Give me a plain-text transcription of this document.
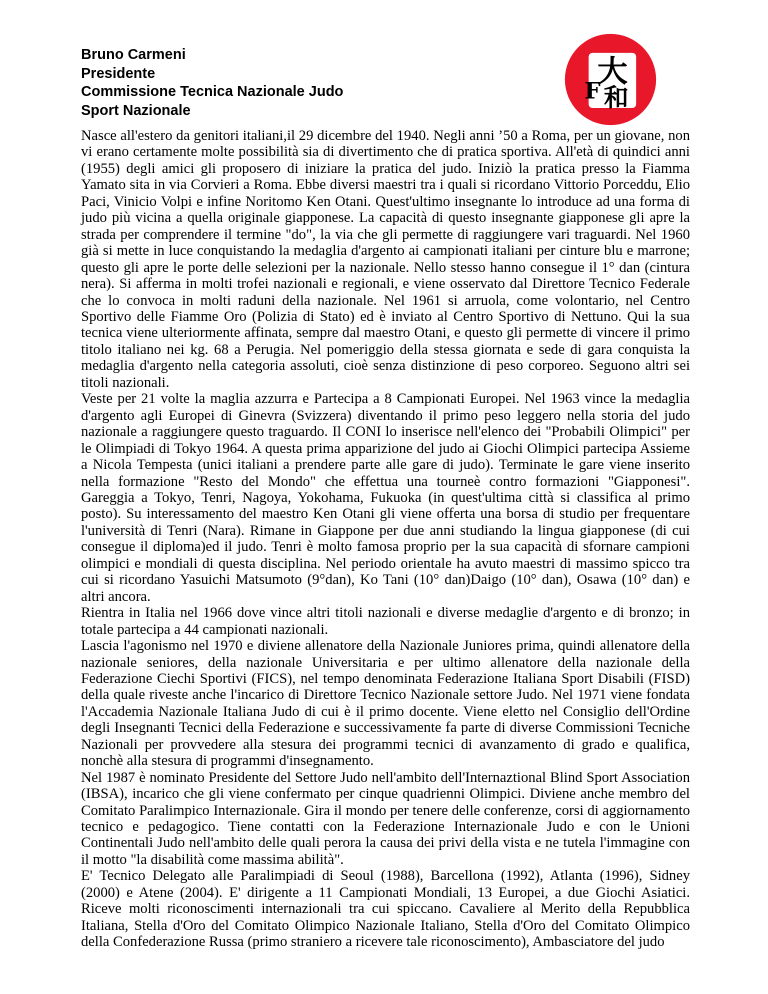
Bruno Carmeni
Presidente
Commissione Tecnica Nazionale Judo
Sport Nazionale
大
和
F

Nasce all'estero da genitori italiani,il 29 dicembre del 1940. Negli anni ’50 a Roma, per un giovane, non vi erano certamente molte possibilità sia di divertimento che di pratica sportiva. All'età di quindici anni (1955) degli amici gli proposero di iniziare la pratica del judo. Iniziò la pratica presso la Fiamma Yamato sita in via Corvieri a Roma. Ebbe diversi maestri tra i quali si ricordano Vittorio Porceddu, Elio Paci, Vinicio Volpi e infine Noritomo Ken Otani. Quest'ultimo insegnante lo introduce ad una forma di judo più vicina a quella originale giapponese. La capacità di questo insegnante giapponese gli apre la strada per comprendere il termine "do", la via che gli permette di raggiungere vari traguardi. Nel 1960 già si mette in luce conquistando la medaglia d'argento ai campionati italiani per cinture blu e marrone; questo gli apre le porte delle selezioni per la nazionale. Nello stesso hanno consegue il 1° dan (cintura nera). Si afferma in molti trofei nazionali e regionali, e viene osservato dal Direttore Tecnico Federale che lo convoca in molti raduni della nazionale. Nel 1961 si arruola, come volontario, nel Centro Sportivo delle Fiamme Oro (Polizia di Stato) ed è inviato al Centro Sportivo di Nettuno. Qui la sua tecnica viene ulteriormente affinata, sempre dal maestro Otani, e questo gli permette di vincere il primo titolo italiano nei kg. 68 a Perugia. Nel pomeriggio della stessa giornata e sede di gara conquista la medaglia d'argento nella categoria assoluti, cioè senza distinzione di peso corporeo. Seguono altri sei titoli nazionali.

Veste per 21 volte la maglia azzurra e Partecipa a 8 Campionati Europei. Nel 1963 vince la medaglia d'argento agli Europei di Ginevra (Svizzera) diventando il primo peso leggero nella storia del judo nazionale a raggiungere questo traguardo. Il CONI lo inserisce nell'elenco dei "Probabili Olimpici" per le Olimpiadi di Tokyo 1964. A questa prima apparizione del judo ai Giochi Olimpici partecipa Assieme a Nicola Tempesta (unici italiani a prendere parte alle gare di judo). Terminate le gare viene inserito nella formazione "Resto del Mondo" che effettua una tourneè contro formazioni "Giapponesi". Gareggia a Tokyo, Tenri, Nagoya, Yokohama, Fukuoka (in quest'ultima città si classifica al primo posto). Su interessamento del maestro Ken Otani gli viene offerta una borsa di studio per frequentare l'università di Tenri (Nara). Rimane in Giappone per due anni studiando la lingua giapponese (di cui consegue il diploma)ed il judo. Tenri è molto famosa proprio per la sua capacità di sfornare campioni olimpici e mondiali di questa disciplina. Nel periodo orientale ha avuto maestri di massimo spicco tra cui si ricordano Yasuichi Matsumoto (9°dan), Ko Tani (10° dan)Daigo (10° dan), Osawa (10° dan) e altri ancora.

Rientra in Italia nel 1966 dove vince altri titoli nazionali e diverse medaglie d'argento e di bronzo; in totale partecipa a 44 campionati nazionali.

Lascia l'agonismo nel 1970 e diviene allenatore della Nazionale Juniores prima, quindi allenatore della nazionale seniores, della nazionale Universitaria e per ultimo allenatore della nazionale della Federazione Ciechi Sportivi (FICS), nel tempo denominata Federazione Italiana Sport Disabili (FISD) della quale riveste anche l'incarico di Direttore Tecnico Nazionale settore Judo. Nel 1971 viene fondata l'Accademia Nazionale Italiana Judo di cui è il primo docente. Viene eletto nel Consiglio dell'Ordine degli Insegnanti Tecnici della Federazione e successivamente fa parte di diverse Commissioni Tecniche Nazionali per provvedere alla stesura dei programmi tecnici di avanzamento di grado e qualifica, nonchè alla stesura di programmi d'insegnamento.

Nel 1987 è nominato Presidente del Settore Judo nell'ambito dell'Internaztional Blind Sport Association (IBSA), incarico che gli viene confermato per cinque quadrienni Olimpici. Diviene anche membro del Comitato Paralimpico Internazionale. Gira il mondo per tenere delle conferenze, corsi di aggiornamento tecnico e pedagogico. Tiene contatti con la Federazione Internazionale Judo e con le Unioni Continentali Judo nell'ambito delle quali perora la causa dei privi della vista e ne tutela l'immagine con il motto "la disabilità come massima abilità".

E' Tecnico Delegato alle Paralimpiadi di Seoul (1988), Barcellona (1992), Atlanta (1996), Sidney (2000) e Atene (2004). E' dirigente a 11 Campionati Mondiali, 13 Europei, a due Giochi Asiatici. Riceve molti riconoscimenti internazionali tra cui spiccano. Cavaliere al Merito della Repubblica Italiana, Stella d'Oro del Comitato Olimpico Nazionale Italiano, Stella d'Oro del Comitato Olimpico della Confederazione Russa (primo straniero a ricevere tale riconoscimento), Ambasciatore del judo
